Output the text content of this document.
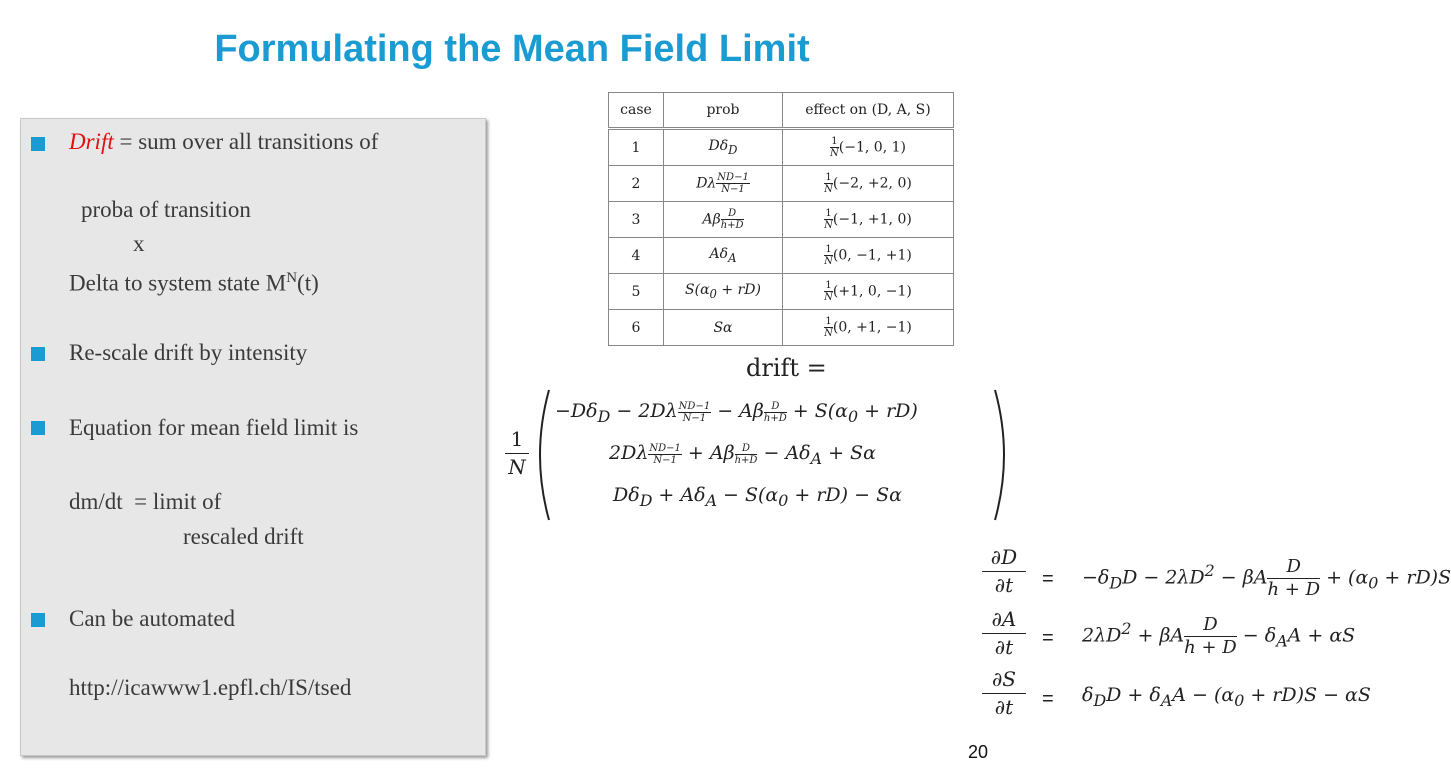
Formulating the Mean Field Limit
Drift = sum over all transitions of
proba of transition
x
Delta to system state $M^N(t)$
Re-scale drift by intensity
Equation for mean field limit is
dm/dt  = limit of
rescaled drift
Can be automated
http://icawww1.epfl.ch/IS/tsed
case	prob	effect on (D, A, S)
1	$D\delta_D$	$\frac{1}{N} (-1$, 0, 1)
2	Dλ $\frac{ND-1}{N-1}$	$\frac{1}{N} (-2$, +2, 0)
3	Aβ $\frac{D}{h+D}$	$\frac{1}{N} (-1$, +1, 0)
4	$A\delta_A$	$\frac{1}{N} (0$, −1, +1)
5	$S(\alpha_0 + rD)$	$\frac{1}{N} (+1$, 0, −1)
6	Sα	$\frac{1}{N} (0$, +1, −1)
drift =
1
N
$-D\delta_D - 2D\lambda \frac{ND-1}{N-1} - A\beta \frac{D}{h+D} + S(\alpha_0 + rD)$
$2D\lambda \frac{ND-1}{N-1} + A\beta \frac{D}{h+D} - A\delta_A + S\alpha$
$D\delta_D + A\delta_A - S(\alpha_0 + rD) - S\alpha$
∂D
∂t	= $-\delta_DD - 2\lambda D^2 - \beta A \frac{D}{h + D} + (\alpha_0 + rD)S$
∂A
∂t	= $2\lambda D^2 + \beta A \frac{D}{h + D} - \delta_AA + \alpha S$
∂S
∂t	= $\delta_DD + \delta_AA - (\alpha_0 + rD)S - \alpha S$
20
